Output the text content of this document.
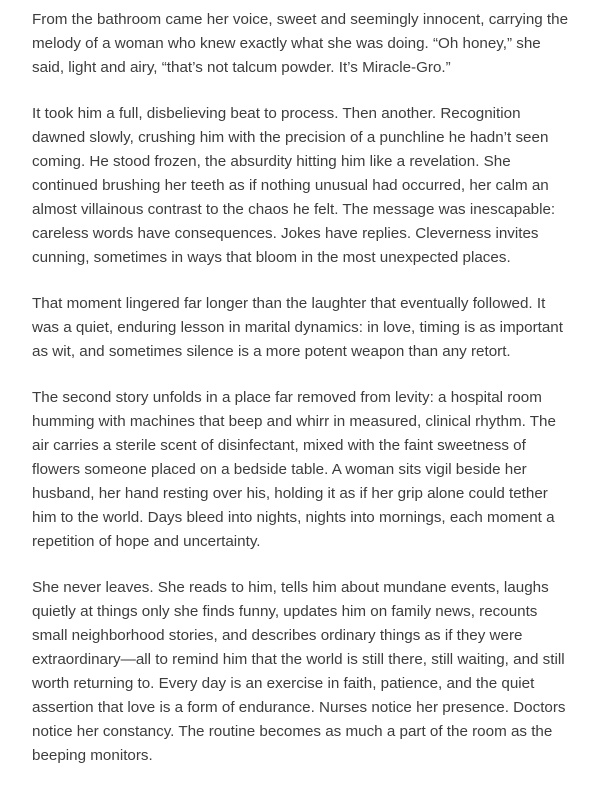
From the bathroom came her voice, sweet and seemingly innocent, carrying the
melody of a woman who knew exactly what she was doing. “Oh honey,” she
said, light and airy, “that’s not talcum powder. It’s Miracle-Gro.”

It took him a full, disbelieving beat to process. Then another. Recognition
dawned slowly, crushing him with the precision of a punchline he hadn’t seen
coming. He stood frozen, the absurdity hitting him like a revelation. She
continued brushing her teeth as if nothing unusual had occurred, her calm an
almost villainous contrast to the chaos he felt. The message was inescapable:
careless words have consequences. Jokes have replies. Cleverness invites
cunning, sometimes in ways that bloom in the most unexpected places.

That moment lingered far longer than the laughter that eventually followed. It
was a quiet, enduring lesson in marital dynamics: in love, timing is as important
as wit, and sometimes silence is a more potent weapon than any retort.

The second story unfolds in a place far removed from levity: a hospital room
humming with machines that beep and whirr in measured, clinical rhythm. The
air carries a sterile scent of disinfectant, mixed with the faint sweetness of
flowers someone placed on a bedside table. A woman sits vigil beside her
husband, her hand resting over his, holding it as if her grip alone could tether
him to the world. Days bleed into nights, nights into mornings, each moment a
repetition of hope and uncertainty.

She never leaves. She reads to him, tells him about mundane events, laughs
quietly at things only she finds funny, updates him on family news, recounts
small neighborhood stories, and describes ordinary things as if they were
extraordinary—all to remind him that the world is still there, still waiting, and still
worth returning to. Every day is an exercise in faith, patience, and the quiet
assertion that love is a form of endurance. Nurses notice her presence. Doctors
notice her constancy. The routine becomes as much a part of the room as the
beeping monitors.
